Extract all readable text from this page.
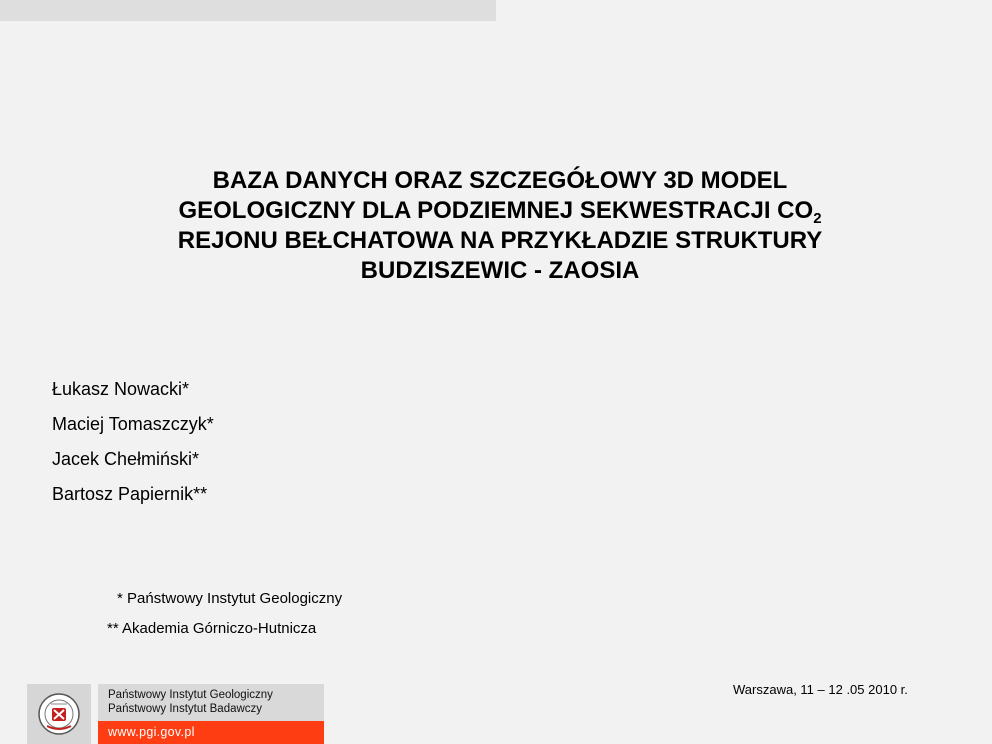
BAZA DANYCH ORAZ SZCZEGÓŁOWY 3D MODEL
GEOLOGICZNY DLA PODZIEMNEJ SEKWESTRACJI $CO_2$
REJONU BEŁCHATOWA NA PRZYKŁADZIE STRUKTURY
BUDZISZEWIC - ZAOSIA
Łukasz Nowacki*
Maciej Tomaszczyk*
Jacek Chełmiński*
Bartosz Papiernik**
* Państwowy Instytut Geologiczny
** Akademia Górniczo-Hutnicza
Państwowy Instytut Geologiczny
Państwowy Instytut Badawczy
www.pgi.gov.pl
Warszawa, 11 – 12 .05 2010 r.
